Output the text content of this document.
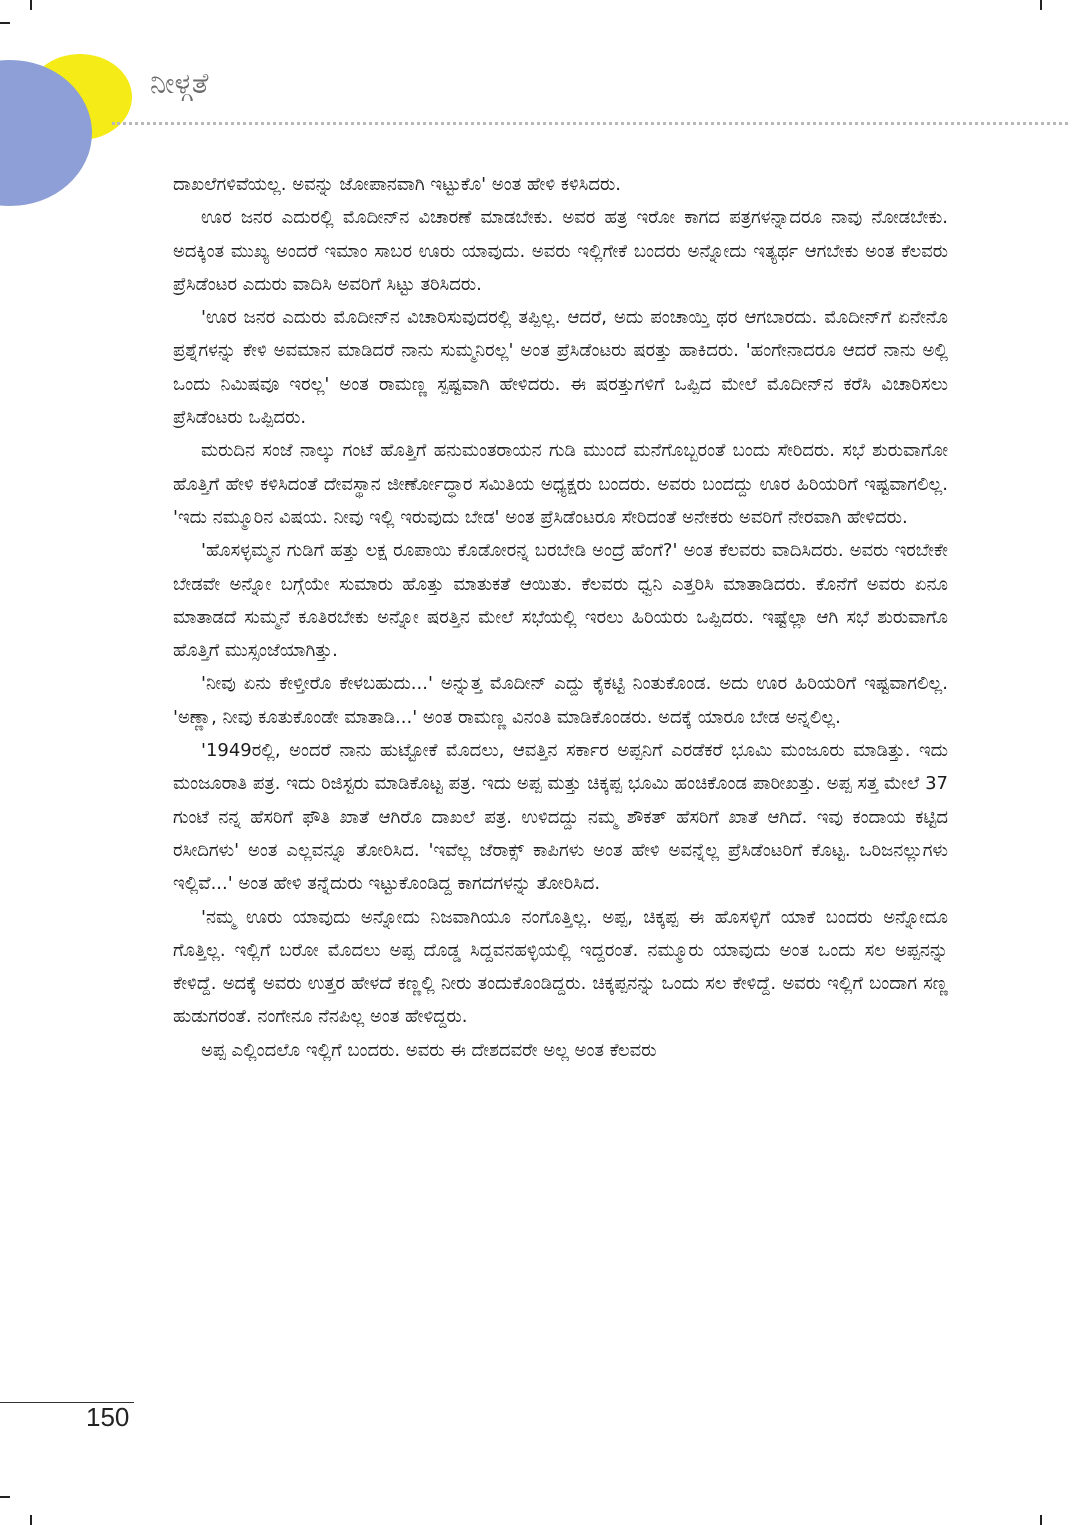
ನೀಳ್ಗತೆ

ದಾಖಲೆಗಳಿವೆಯಲ್ಲ. ಅವನ್ನು ಜೋಪಾನವಾಗಿ ಇಟ್ಟುಕೊ' ಅಂತ ಹೇಳಿ ಕಳಿಸಿದರು.

ಊರ ಜನರ ಎದುರಲ್ಲಿ ಮೊದೀನ್‌ನ ವಿಚಾರಣೆ ಮಾಡಬೇಕು. ಅವರ ಹತ್ರ ಇರೋ ಕಾಗದ ಪತ್ರಗಳನ್ನಾದರೂ ನಾವು ನೋಡಬೇಕು. ಅದಕ್ಕಿಂತ ಮುಖ್ಯ ಅಂದರೆ ಇಮಾಂ ಸಾಬರ ಊರು ಯಾವುದು. ಅವರು ಇಲ್ಲಿಗೇಕೆ ಬಂದರು ಅನ್ನೋದು ಇತ್ಯರ್ಥ ಆಗಬೇಕು ಅಂತ ಕೆಲವರು ಪ್ರೆಸಿಡೆಂಟರ ಎದುರು ವಾದಿಸಿ ಅವರಿಗೆ ಸಿಟ್ಟು ತರಿಸಿದರು.

'ಊರ ಜನರ ಎದುರು ಮೊದೀನ್‌ನ ವಿಚಾರಿಸುವುದರಲ್ಲಿ ತಪ್ಪಿಲ್ಲ. ಆದರೆ, ಅದು ಪಂಚಾಯ್ತಿ ಥರ ಆಗಬಾರದು. ಮೊದೀನ್‌ಗೆ ಏನೇನೊ ಪ್ರಶ್ನೆಗಳನ್ನು ಕೇಳಿ ಅವಮಾನ ಮಾಡಿದರೆ ನಾನು ಸುಮ್ಮನಿರಲ್ಲ' ಅಂತ ಪ್ರೆಸಿಡೆಂಟರು ಷರತ್ತು ಹಾಕಿದರು. 'ಹಂಗೇನಾದರೂ ಆದರೆ ನಾನು ಅಲ್ಲಿ ಒಂದು ನಿಮಿಷವೂ ಇರಲ್ಲ' ಅಂತ ರಾಮಣ್ಣ ಸ್ಪಷ್ಟವಾಗಿ ಹೇಳಿದರು. ಈ ಷರತ್ತುಗಳಿಗೆ ಒಪ್ಪಿದ ಮೇಲೆ ಮೊದೀನ್‌ನ ಕರೆಸಿ ವಿಚಾರಿಸಲು ಪ್ರೆಸಿಡೆಂಟರು ಒಪ್ಪಿದರು.

ಮರುದಿನ ಸಂಜೆ ನಾಲ್ಕು ಗಂಟೆ ಹೊತ್ತಿಗೆ ಹನುಮಂತರಾಯನ ಗುಡಿ ಮುಂದೆ ಮನೆಗೊಬ್ಬರಂತೆ ಬಂದು ಸೇರಿದರು. ಸಭೆ ಶುರುವಾಗೋ ಹೊತ್ತಿಗೆ ಹೇಳಿ ಕಳಿಸಿದಂತೆ ದೇವಸ್ಥಾನ ಜೀರ್ಣೋದ್ಧಾರ ಸಮಿತಿಯ ಅಧ್ಯಕ್ಷರು ಬಂದರು. ಅವರು ಬಂದದ್ದು ಊರ ಹಿರಿಯರಿಗೆ ಇಷ್ಟವಾಗಲಿಲ್ಲ. 'ಇದು ನಮ್ಮೂರಿನ ವಿಷಯ. ನೀವು ಇಲ್ಲಿ ಇರುವುದು ಬೇಡ' ಅಂತ ಪ್ರೆಸಿಡೆಂಟರೂ ಸೇರಿದಂತೆ ಅನೇಕರು ಅವರಿಗೆ ನೇರವಾಗಿ ಹೇಳಿದರು.

'ಹೊಸಳ್ಳಮ್ಮನ ಗುಡಿಗೆ ಹತ್ತು ಲಕ್ಷ ರೂಪಾಯಿ ಕೊಡೋರನ್ನ ಬರಬೇಡಿ ಅಂದ್ರೆ ಹೆಂಗೆ?' ಅಂತ ಕೆಲವರು ವಾದಿಸಿದರು. ಅವರು ಇರಬೇಕೇ ಬೇಡವೇ ಅನ್ನೋ ಬಗ್ಗೆಯೇ ಸುಮಾರು ಹೊತ್ತು ಮಾತುಕತೆ ಆಯಿತು. ಕೆಲವರು ಧ್ವನಿ ಎತ್ತರಿಸಿ ಮಾತಾಡಿದರು. ಕೊನೆಗೆ ಅವರು ಏನೂ ಮಾತಾಡದೆ ಸುಮ್ಮನೆ ಕೂತಿರಬೇಕು ಅನ್ನೋ ಷರತ್ತಿನ ಮೇಲೆ ಸಭೆಯಲ್ಲಿ ಇರಲು ಹಿರಿಯರು ಒಪ್ಪಿದರು. ಇಷ್ಟೆಲ್ಲಾ ಆಗಿ ಸಭೆ ಶುರುವಾಗೊ ಹೊತ್ತಿಗೆ ಮುಸ್ಸಂಜೆಯಾಗಿತ್ತು.

'ನೀವು ಏನು ಕೇಳ್ತೀರೊ ಕೇಳಬಹುದು...' ಅನ್ನುತ್ತ ಮೊದೀನ್ ಎದ್ದು ಕೈಕಟ್ಟಿ ನಿಂತುಕೊಂಡ. ಅದು ಊರ ಹಿರಿಯರಿಗೆ ಇಷ್ಟವಾಗಲಿಲ್ಲ. 'ಅಣ್ಣಾ, ನೀವು ಕೂತುಕೊಂಡೇ ಮಾತಾಡಿ...' ಅಂತ ರಾಮಣ್ಣ ವಿನಂತಿ ಮಾಡಿಕೊಂಡರು. ಅದಕ್ಕೆ ಯಾರೂ ಬೇಡ ಅನ್ನಲಿಲ್ಲ.

'1949ರಲ್ಲಿ, ಅಂದರೆ ನಾನು ಹುಟ್ಟೋಕೆ ಮೊದಲು, ಆವತ್ತಿನ ಸರ್ಕಾರ ಅಪ್ಪನಿಗೆ ಎರಡೆಕರೆ ಭೂಮಿ ಮಂಜೂರು ಮಾಡಿತ್ತು. ಇದು ಮಂಜೂರಾತಿ ಪತ್ರ. ಇದು ರಿಜಿಸ್ಟರು ಮಾಡಿಕೊಟ್ಟ ಪತ್ರ. ಇದು ಅಪ್ಪ ಮತ್ತು ಚಿಕ್ಕಪ್ಪ ಭೂಮಿ ಹಂಚಿಕೊಂಡ ಪಾರೀಖತ್ತು. ಅಪ್ಪ ಸತ್ತ ಮೇಲೆ 37 ಗುಂಟೆ ನನ್ನ ಹೆಸರಿಗೆ ಫೌತಿ ಖಾತೆ ಆಗಿರೊ ದಾಖಲೆ ಪತ್ರ. ಉಳಿದದ್ದು ನಮ್ಮ ಶೌಕತ್ ಹೆಸರಿಗೆ ಖಾತೆ ಆಗಿದೆ. ಇವು ಕಂದಾಯ ಕಟ್ಟಿದ ರಸೀದಿಗಳು' ಅಂತ ಎಲ್ಲವನ್ನೂ ತೋರಿಸಿದ. 'ಇವೆಲ್ಲ ಜೆರಾಕ್ಸ್ ಕಾಪಿಗಳು ಅಂತ ಹೇಳಿ ಅವನ್ನೆಲ್ಲ ಪ್ರೆಸಿಡೆಂಟರಿಗೆ ಕೊಟ್ಟ. ಒರಿಜನಲ್ಲುಗಳು ಇಲ್ಲಿವೆ...' ಅಂತ ಹೇಳಿ ತನ್ನೆದುರು ಇಟ್ಟುಕೊಂಡಿದ್ದ ಕಾಗದಗಳನ್ನು ತೋರಿಸಿದ.

'ನಮ್ಮ ಊರು ಯಾವುದು ಅನ್ನೋದು ನಿಜವಾಗಿಯೂ ನಂಗೊತ್ತಿಲ್ಲ. ಅಪ್ಪ, ಚಿಕ್ಕಪ್ಪ ಈ ಹೊಸಳ್ಳಿಗೆ ಯಾಕೆ ಬಂದರು ಅನ್ನೋದೂ ಗೊತ್ತಿಲ್ಲ. ಇಲ್ಲಿಗೆ ಬರೋ ಮೊದಲು ಅಪ್ಪ ದೊಡ್ಡ ಸಿದ್ದವನಹಳ್ಳಿಯಲ್ಲಿ ಇದ್ದರಂತೆ. ನಮ್ಮೂರು ಯಾವುದು ಅಂತ ಒಂದು ಸಲ ಅಪ್ಪನನ್ನು ಕೇಳಿದ್ದೆ. ಅದಕ್ಕೆ ಅವರು ಉತ್ತರ ಹೇಳದೆ ಕಣ್ಣಲ್ಲಿ ನೀರು ತಂದುಕೊಂಡಿದ್ದರು. ಚಿಕ್ಕಪ್ಪನನ್ನು ಒಂದು ಸಲ ಕೇಳಿದ್ದೆ. ಅವರು ಇಲ್ಲಿಗೆ ಬಂದಾಗ ಸಣ್ಣ ಹುಡುಗರಂತೆ. ನಂಗೇನೂ ನೆನಪಿಲ್ಲ ಅಂತ ಹೇಳಿದ್ದರು.

ಅಪ್ಪ ಎಲ್ಲಿಂದಲೊ ಇಲ್ಲಿಗೆ ಬಂದರು. ಅವರು ಈ ದೇಶದವರೇ ಅಲ್ಲ ಅಂತ ಕೆಲವರು

150
